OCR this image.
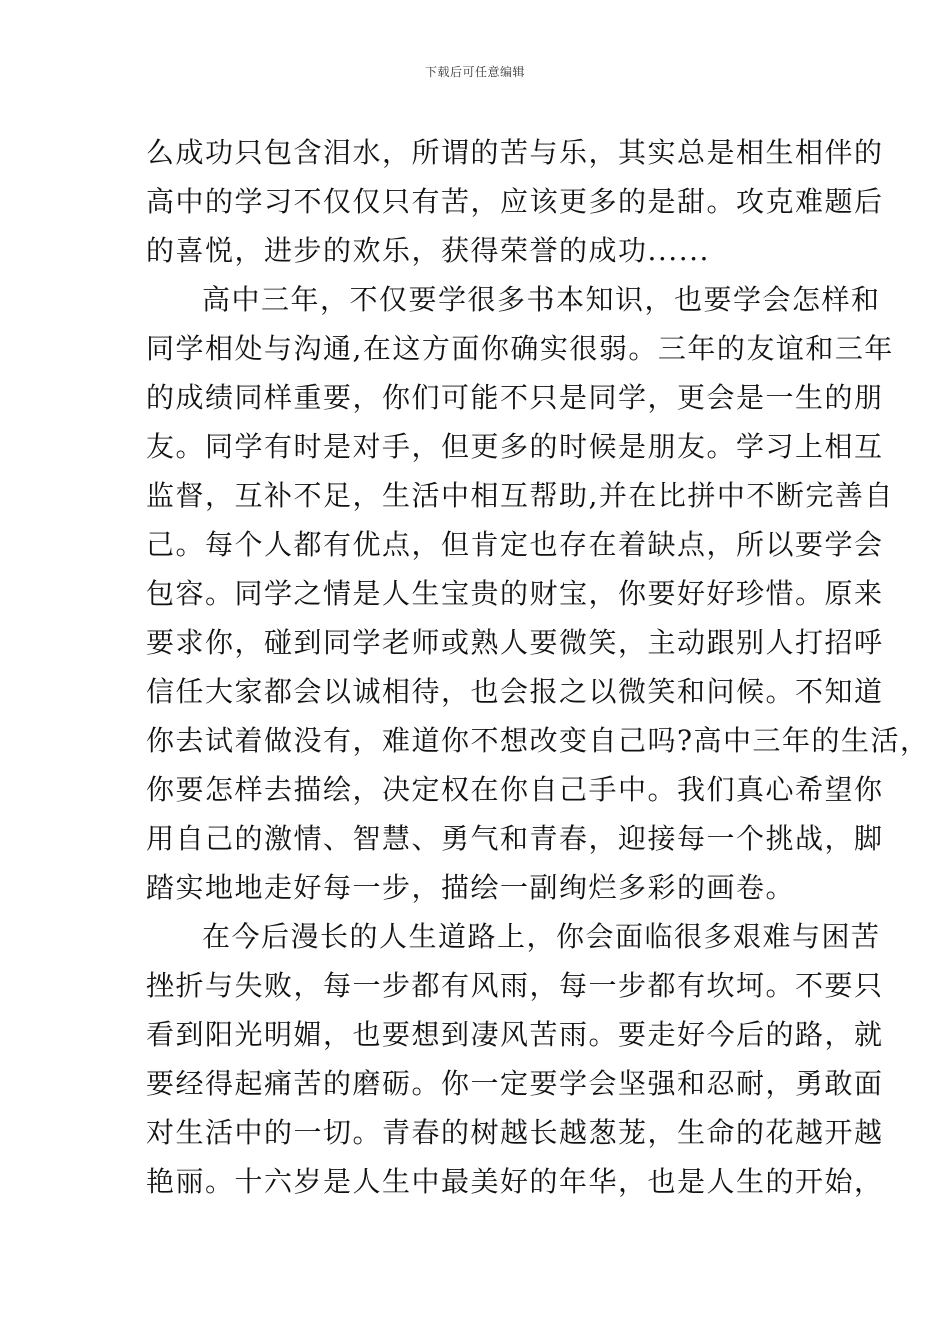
下载后可任意编辑
么成功只包含泪水，所谓的苦与乐，其实总是相生相伴的
高中的学习不仅仅只有苦，应该更多的是甜。攻克难题后
的喜悦，进步的欢乐，获得荣誉的成功......
高中三年，不仅要学很多书本知识，也要学会怎样和
同学相处与沟通,在这方面你确实很弱。三年的友谊和三年
的成绩同样重要，你们可能不只是同学，更会是一生的朋
友。同学有时是对手，但更多的时候是朋友。学习上相互
监督，互补不足，生活中相互帮助,并在比拼中不断完善自
己。每个人都有优点，但肯定也存在着缺点，所以要学会
包容。同学之情是人生宝贵的财宝，你要好好珍惜。原来
要求你，碰到同学老师或熟人要微笑，主动跟别人打招呼
信任大家都会以诚相待，也会报之以微笑和问候。不知道
你去试着做没有，难道你不想改变自己吗?高中三年的生活，
你要怎样去描绘，决定权在你自己手中。我们真心希望你
用自己的激情、智慧、勇气和青春，迎接每一个挑战，脚
踏实地地走好每一步，描绘一副绚烂多彩的画卷。
在今后漫长的人生道路上，你会面临很多艰难与困苦
挫折与失败，每一步都有风雨，每一步都有坎坷。不要只
看到阳光明媚，也要想到凄风苦雨。要走好今后的路，就
要经得起痛苦的磨砺。你一定要学会坚强和忍耐，勇敢面
对生活中的一切。青春的树越长越葱茏，生命的花越开越
艳丽。十六岁是人生中最美好的年华，也是人生的开始，
